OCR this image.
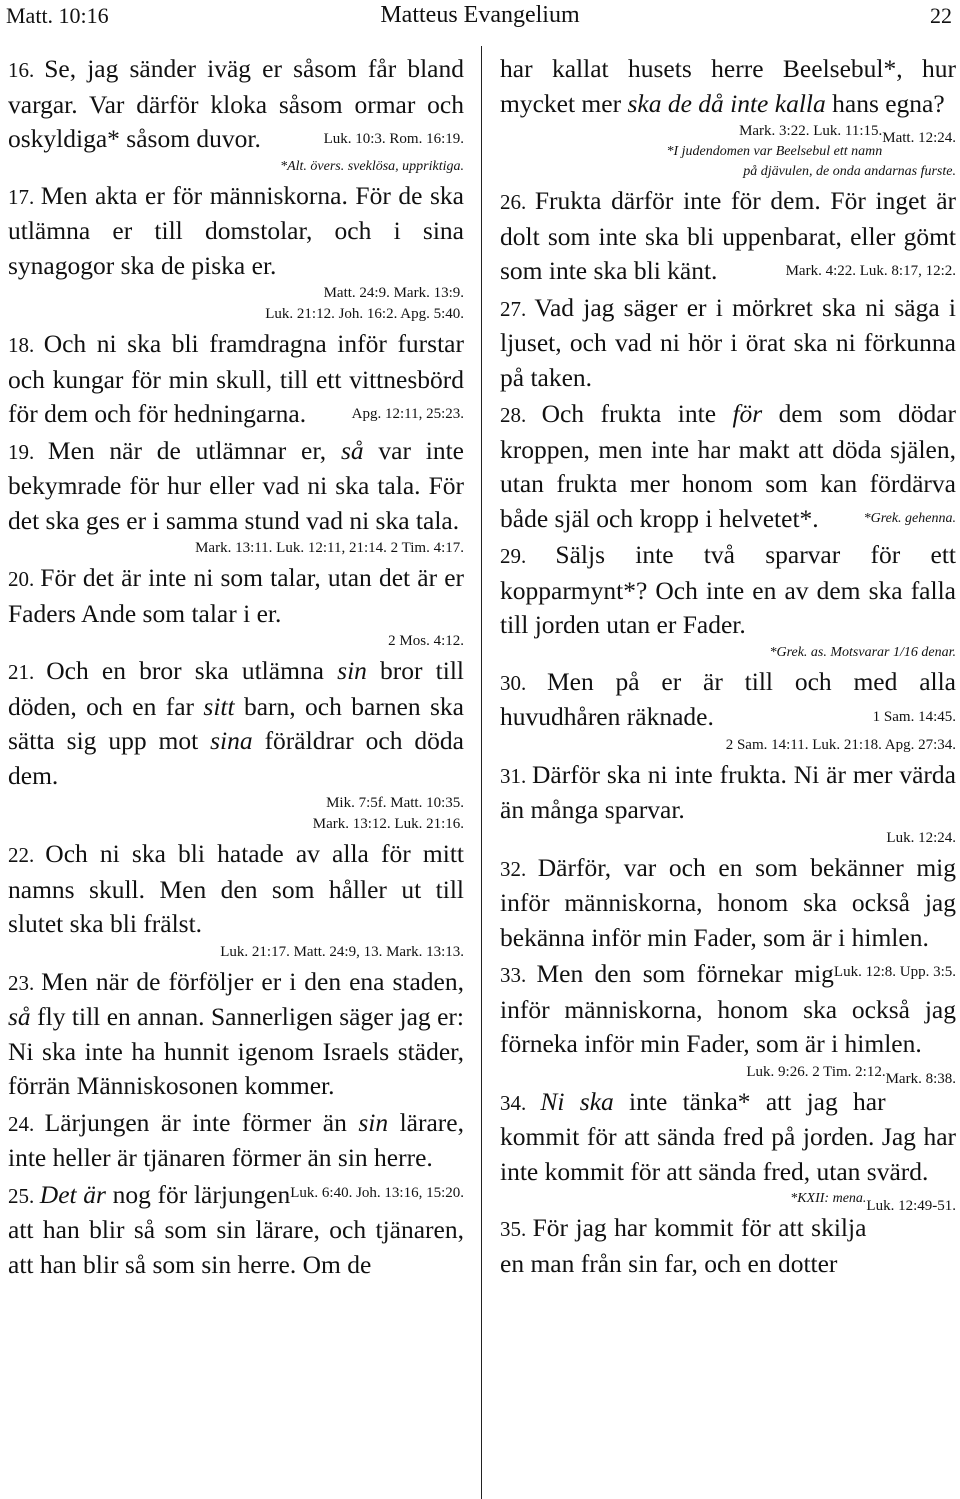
Matt. 10:16	Matteus Evangelium	22

16. Se, jag sänder iväg er såsom får bland vargar. Var därför kloka såsom ormar och oskyldiga* såsom duvor.	Luk. 10:3. Rom. 16:19.

*Alt. övers. sveklösa, uppriktiga.

17. Men akta er för människorna. För de ska utlämna er till domstolar, och i sina synagogor ska de piska er.

Matt. 24:9. Mark. 13:9.

Luk. 21:12. Joh. 16:2. Apg. 5:40.

18. Och ni ska bli framdragna inför furstar och kungar för min skull, till ett vittnesbörd för dem och för hedningarna.	Apg. 12:11, 25:23.

19. Men när de utlämnar er, så var inte bekymrade för hur eller vad ni ska tala. För det ska ges er i samma stund vad ni ska tala.

Mark. 13:11. Luk. 12:11, 21:14. 2 Tim. 4:17.

20. För det är inte ni som talar, utan det är er Faders Ande som talar i er.

2 Mos. 4:12.

21. Och en bror ska utlämna sin bror till döden, och en far sitt barn, och barnen ska sätta sig upp mot sina föräldrar och döda dem.

Mik. 7:5f. Matt. 10:35.

Mark. 13:12. Luk. 21:16.

22. Och ni ska bli hatade av alla för mitt namns skull. Men den som håller ut till slutet ska bli frälst.

Luk. 21:17. Matt. 24:9, 13. Mark. 13:13.

23. Men när de förföljer er i den ena staden, så fly till en annan. Sannerligen säger jag er: Ni ska inte ha hunnit igenom Israels städer, förrän Människosonen kommer.

24. Lärjungen är inte förmer än sin lärare, inte heller är tjänaren förmer än sin herre.
Luk. 6:40. Joh. 13:16, 15:20.

25. Det är nog för lärjungen att han blir så som sin lärare, och tjänaren, att han blir så som sin herre. Om de

har kallat husets herre Beelsebul*, hur mycket mer ska de då inte kalla hans egna?
Matt. 12:24.

Mark. 3:22. Luk. 11:15.

*I judendomen var Beelsebul ett namn

på djävulen, de onda andarnas furste.

26. Frukta därför inte för dem. För inget är dolt som inte ska bli uppenbarat, eller gömt som inte ska bli känt.	Mark. 4:22. Luk. 8:17, 12:2.

27. Vad jag säger er i mörkret ska ni säga i ljuset, och vad ni hör i örat ska ni förkunna på taken.

28. Och frukta inte för dem som dödar kroppen, men inte har makt att döda själen, utan frukta mer honom som kan fördärva både själ och kropp i helvetet*.	*Grek. gehenna.

29. Säljs inte två sparvar för ett kopparmynt*? Och inte en av dem ska falla till jorden utan er Fader.

*Grek. as. Motsvarar 1/16 denar.

30. Men på er är till och med alla huvudhåren räknade.	1 Sam. 14:45.

2 Sam. 14:11. Luk. 21:18. Apg. 27:34.

31. Därför ska ni inte frukta. Ni är mer värda än många sparvar.

Luk. 12:24.

32. Därför, var och en som bekänner mig inför människorna, honom ska också jag bekänna inför min Fader, som är i himlen.
Luk. 12:8. Upp. 3:5.

33. Men den som förnekar mig inför människorna, honom ska också jag förneka inför min Fader, som är i himlen.
Mark. 8:38.

Luk. 9:26. 2 Tim. 2:12.

34. Ni ska inte tänka* att jag har kommit för att sända fred på jorden. Jag har inte kommit för att sända fred, utan svärd.
Luk. 12:49-51.

*KXII: mena.

35. För jag har kommit för att skilja en man från sin far, och en dotter
